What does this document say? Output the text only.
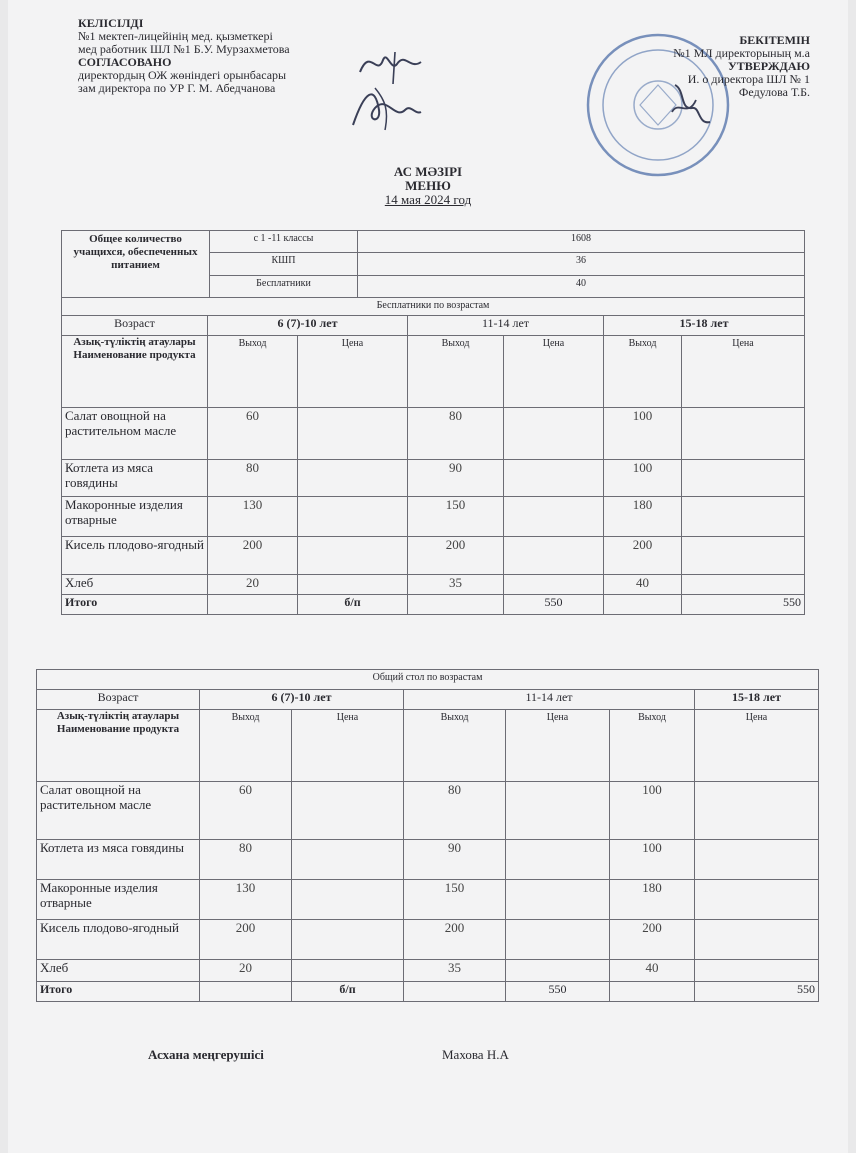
КЕЛІСІЛДІ
№1 мектеп-лицейінің мед. қызметкері
мед работник ШЛ №1 Б.У. Мурзахметова
СОГЛАСОВАНО
директордың ОЖ жөніндегі орынбасары
зам директора по УР Г. М. Абедчанова
БЕКІТЕМІН
№1 МЛ директорының м.а
УТВЕРЖДАЮ
И. о директора ШЛ № 1
Федулова Т.Б.
АС МӘЗІРІ
МЕНЮ
14 мая 2024 год
Общее количество учащихся, обеспеченных питанием	с 1 -11 классы	1608
	КШП	36
	Бесплатники	40
Бесплатники по возрастам						
Возраст	6 (7)-10 лет		11-14 лет		15-18 лет	
Азық-түліктің атаулары Наименование продукта	Выход	Цена	Выход	Цена	Выход	Цена
Салат овощной на растительном масле	60		80		100	
Котлета из мяса говядины	80		90		100	
Макоронные изделия отварные	130		150		180	
Кисель плодово-ягодный	200		200		200	
Хлеб	20		35		40	
Итого		б/п		550		550
Общий стол по возрастам						
Возраст	6 (7)-10 лет		11-14 лет			15-18 лет
Азық-түліктің атаулары Наименование продукта	Выход	Цена	Выход	Цена	Выход	Цена
Салат овощной на растительном масле	60		80		100	
Котлета из мяса говядины	80		90		100	
Макоронные изделия отварные	130		150		180	
Кисель плодово-ягодный	200		200		200	
Хлеб	20		35		40	
Итого		б/п		550		550
Асхана меңгерушісі	Махова Н.А
